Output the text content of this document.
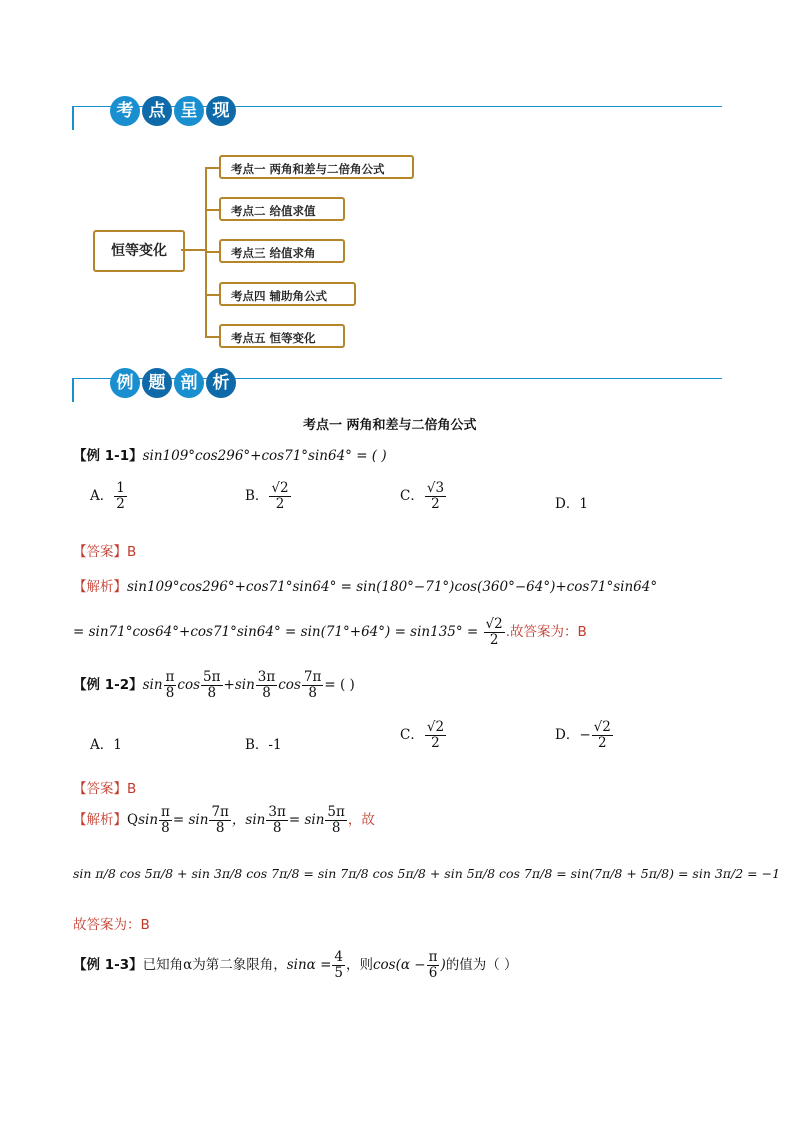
考 点 呈 现
恒等变化
考点一 两角和差与二倍角公式
考点二 给值求值
考点三 给值求角
考点四 辅助角公式
考点五 恒等变化
例 题 剖 析
考点一 两角和差与二倍角公式
【例 1-1】sin109°cos296°+cos71°sin64° = ( )
A． $\frac{1}{2}$	B． $\frac{√2}{2}$	C． $\frac{√3}{2}$	D．1
【答案】B
【解析】sin109°cos296°+cos71°sin64° = sin(180°−71°)cos(360°−64°)+cos71°sin64°
= $\sin 71^\circ\cos 64^\circ+\cos 71^\circ\sin 64^\circ = \sin(71^\circ+64^\circ) = \sin 135^\circ = \frac{√2}{2}$ .故答案为：B
【例 1-2】$\sin \frac{\pi}{8}$ $\cos \frac{5\pi}{8} +\sin \frac{3\pi}{8}$ $\cos \frac{7\pi}{8}$ = ( )
A．1	B．-1
C． $\frac{√2}{2}$	D．− $\frac{√2}{2}$
【答案】B
【解析】Qsin $\frac{\pi}{8} = \sin \frac{7\pi}{8}$ ，$\sin \frac{3\pi}{8} = \sin \frac{5\pi}{8}$ ，故
sin π/8 cos 5π/8 + sin 3π/8 cos 7π/8 = sin 7π/8 cos 5π/8 + sin 5π/8 cos 7π/8 = sin(7π/8 + 5π/8) = sin 3π/2 = −1
故答案为：B
【例 1-3】已知角α为第二象限角，$\sin\alpha = \frac{4}{5}$ ，则$\cos(\alpha - \frac{\pi}{6}$ )的值为（ ）
